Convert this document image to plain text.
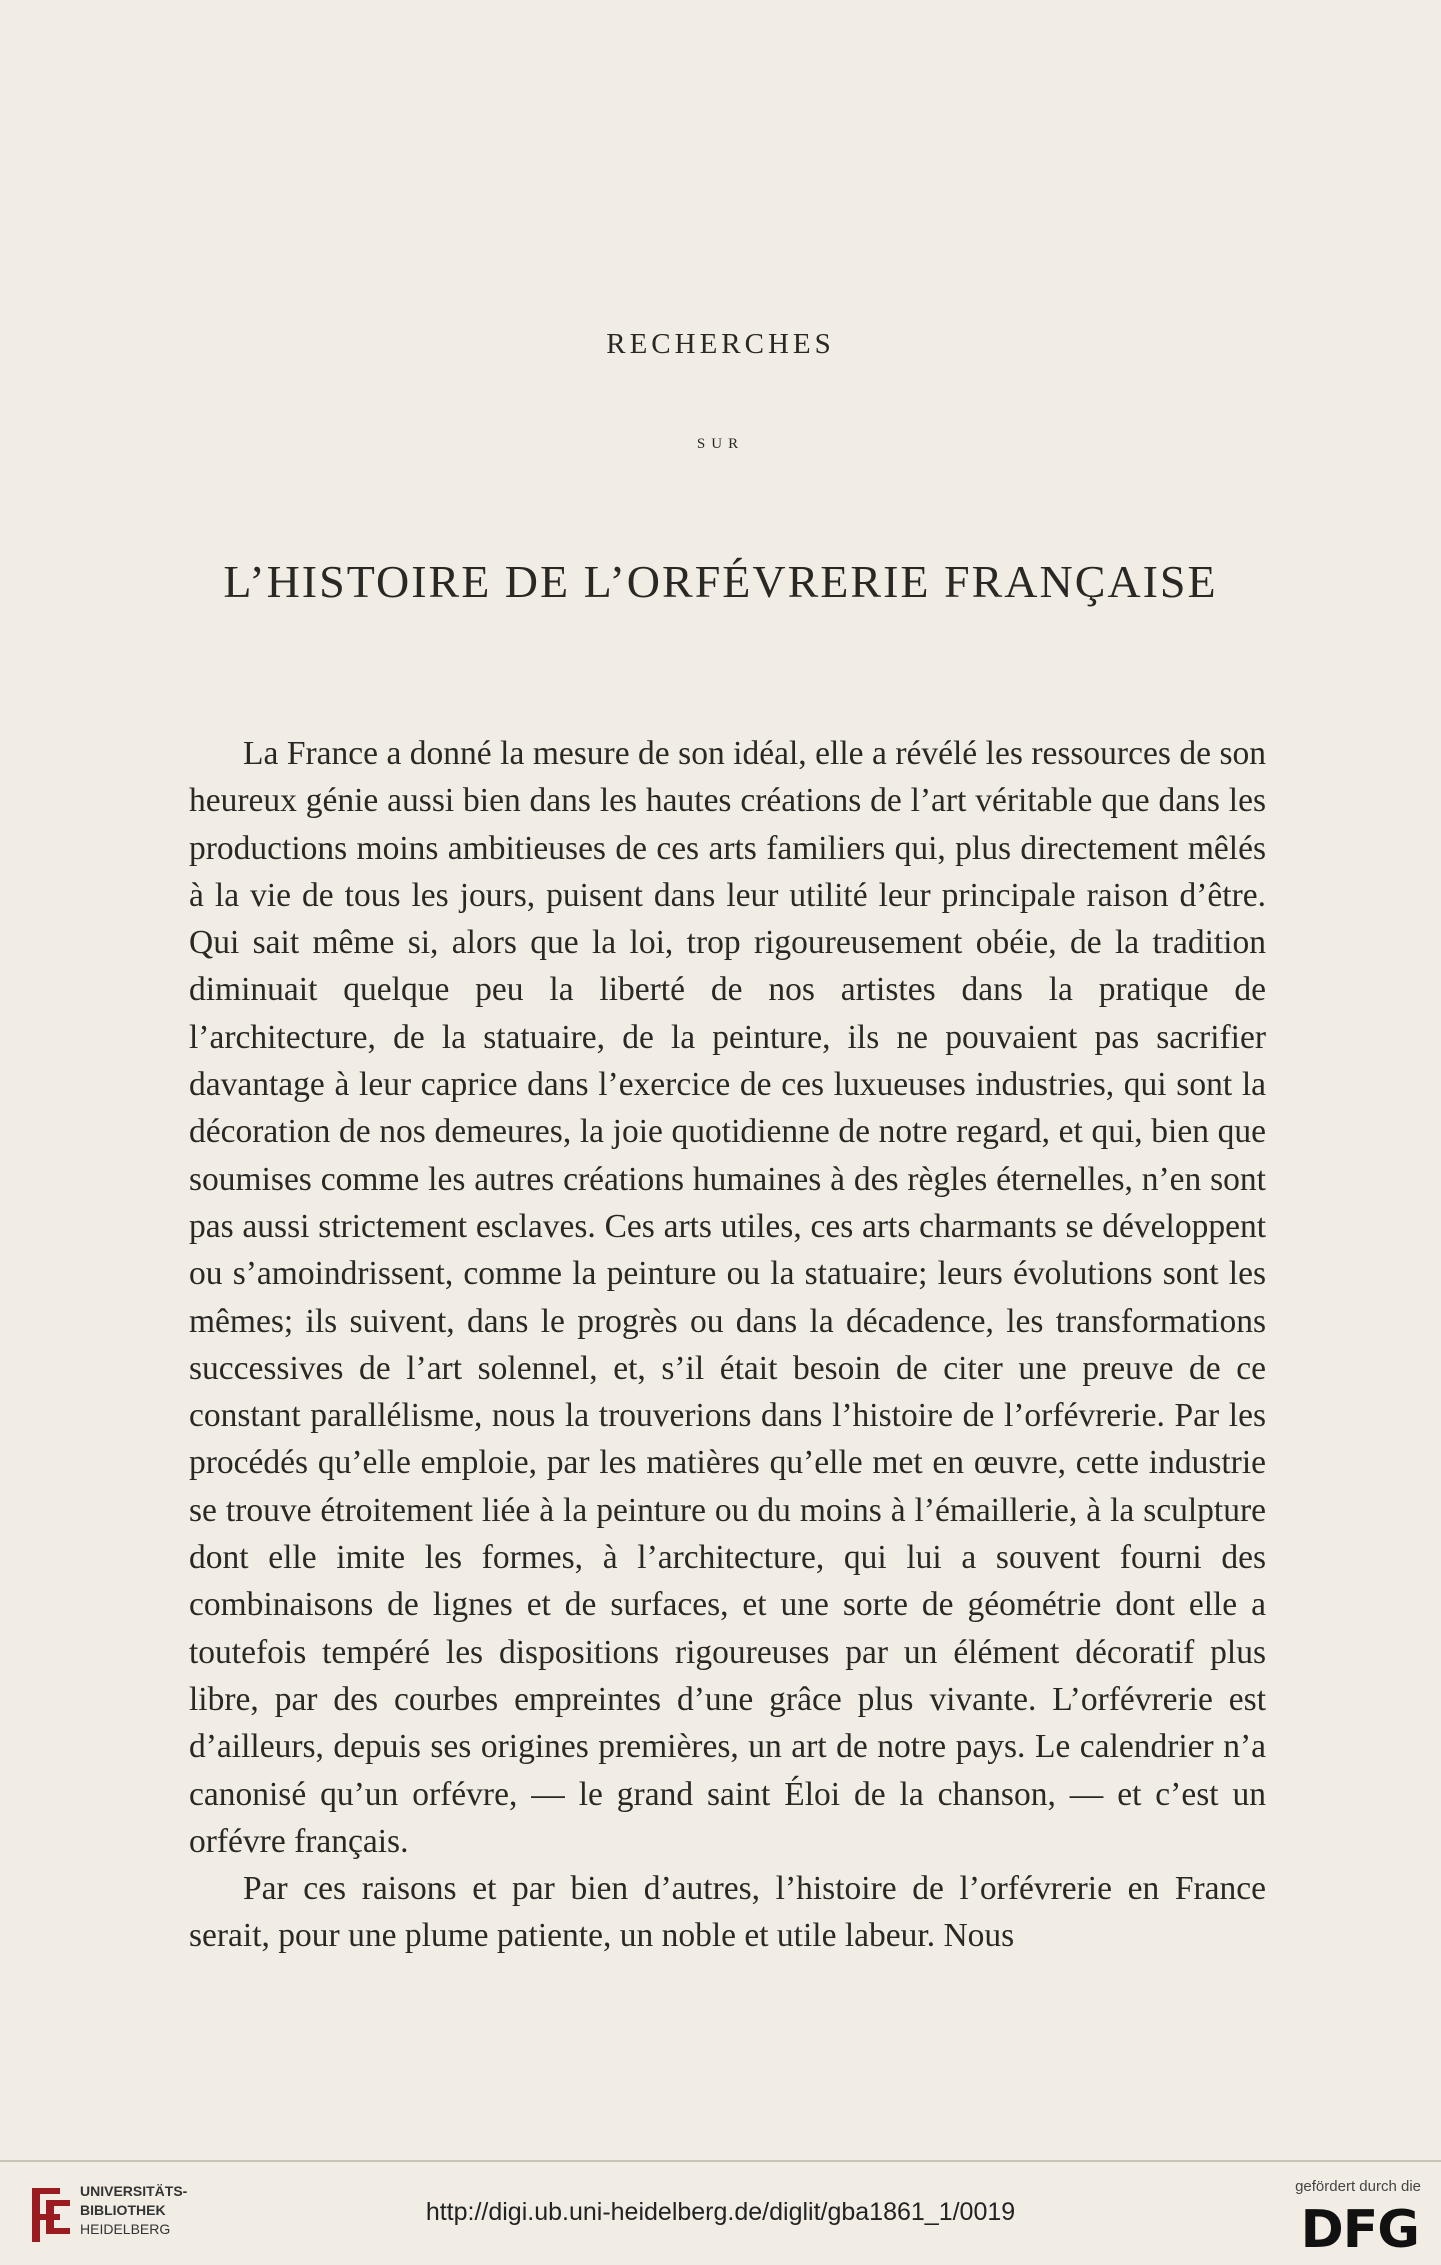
RECHERCHES
SUR
L’HISTOIRE DE L’ORFÉVRERIE FRANÇAISE

La France a donné la mesure de son idéal, elle a révélé les ressources de son heureux génie aussi bien dans les hautes créations de l’art véritable que dans les productions moins ambitieuses de ces arts familiers qui, plus directement mêlés à la vie de tous les jours, puisent dans leur utilité leur principale raison d’être. Qui sait même si, alors que la loi, trop rigoureusement obéie, de la tradition diminuait quelque peu la liberté de nos artistes dans la pratique de l’architecture, de la statuaire, de la peinture, ils ne pouvaient pas sacrifier davantage à leur caprice dans l’exercice de ces luxueuses industries, qui sont la décoration de nos demeures, la joie quotidienne de notre regard, et qui, bien que soumises comme les autres créations humaines à des règles éternelles, n’en sont pas aussi strictement esclaves. Ces arts utiles, ces arts charmants se développent ou s’amoindrissent, comme la peinture ou la statuaire; leurs évolutions sont les mêmes; ils suivent, dans le progrès ou dans la décadence, les transformations successives de l’art solennel, et, s’il était besoin de citer une preuve de ce constant parallélisme, nous la trouverions dans l’histoire de l’orfévrerie. Par les procédés qu’elle emploie, par les matières qu’elle met en œuvre, cette industrie se trouve étroitement liée à la peinture ou du moins à l’émaillerie, à la sculpture dont elle imite les formes, à l’architecture, qui lui a souvent fourni des combinaisons de lignes et de surfaces, et une sorte de géométrie dont elle a toutefois tempéré les dispositions rigoureuses par un élément décoratif plus libre, par des courbes empreintes d’une grâce plus vivante. L’orfévrerie est d’ailleurs, depuis ses origines premières, un art de notre pays. Le calendrier n’a canonisé qu’un orfévre, — le grand saint Éloi de la chanson, — et c’est un orfévre français.

Par ces raisons et par bien d’autres, l’histoire de l’orfévrerie en France serait, pour une plume patiente, un noble et utile labeur. Nous

UNIVERSITÄTS-
BIBLIOTHEK
HEIDELBERG
http://digi.ub.uni-heidelberg.de/diglit/gba1861_1/0019
gefördert durch die
DFG
